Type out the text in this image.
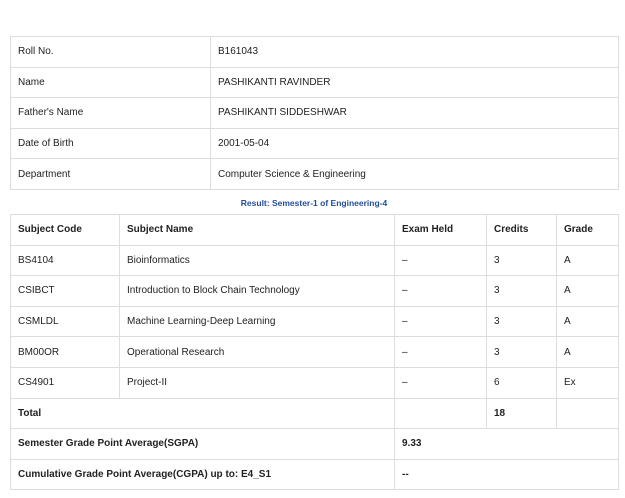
Roll No.	B161043
Name	PASHIKANTI RAVINDER
Father's Name	PASHIKANTI SIDDESHWAR
Date of Birth	2001-05-04
Department	Computer Science & Engineering
Result: Semester-1 of Engineering-4
Subject Code	Subject Name	Exam Held	Credits	Grade
BS4104	Bioinformatics	–	3	A
CSIBCT	Introduction to Block Chain Technology	–	3	A
CSMLDL	Machine Learning-Deep Learning	–	3	A
BM00OR	Operational Research	–	3	A
CS4901	Project-II	–	6	Ex
Total			18	
Semester Grade Point Average(SGPA)		9.33		
Cumulative Grade Point Average(CGPA) up to: E4_S1		--		
